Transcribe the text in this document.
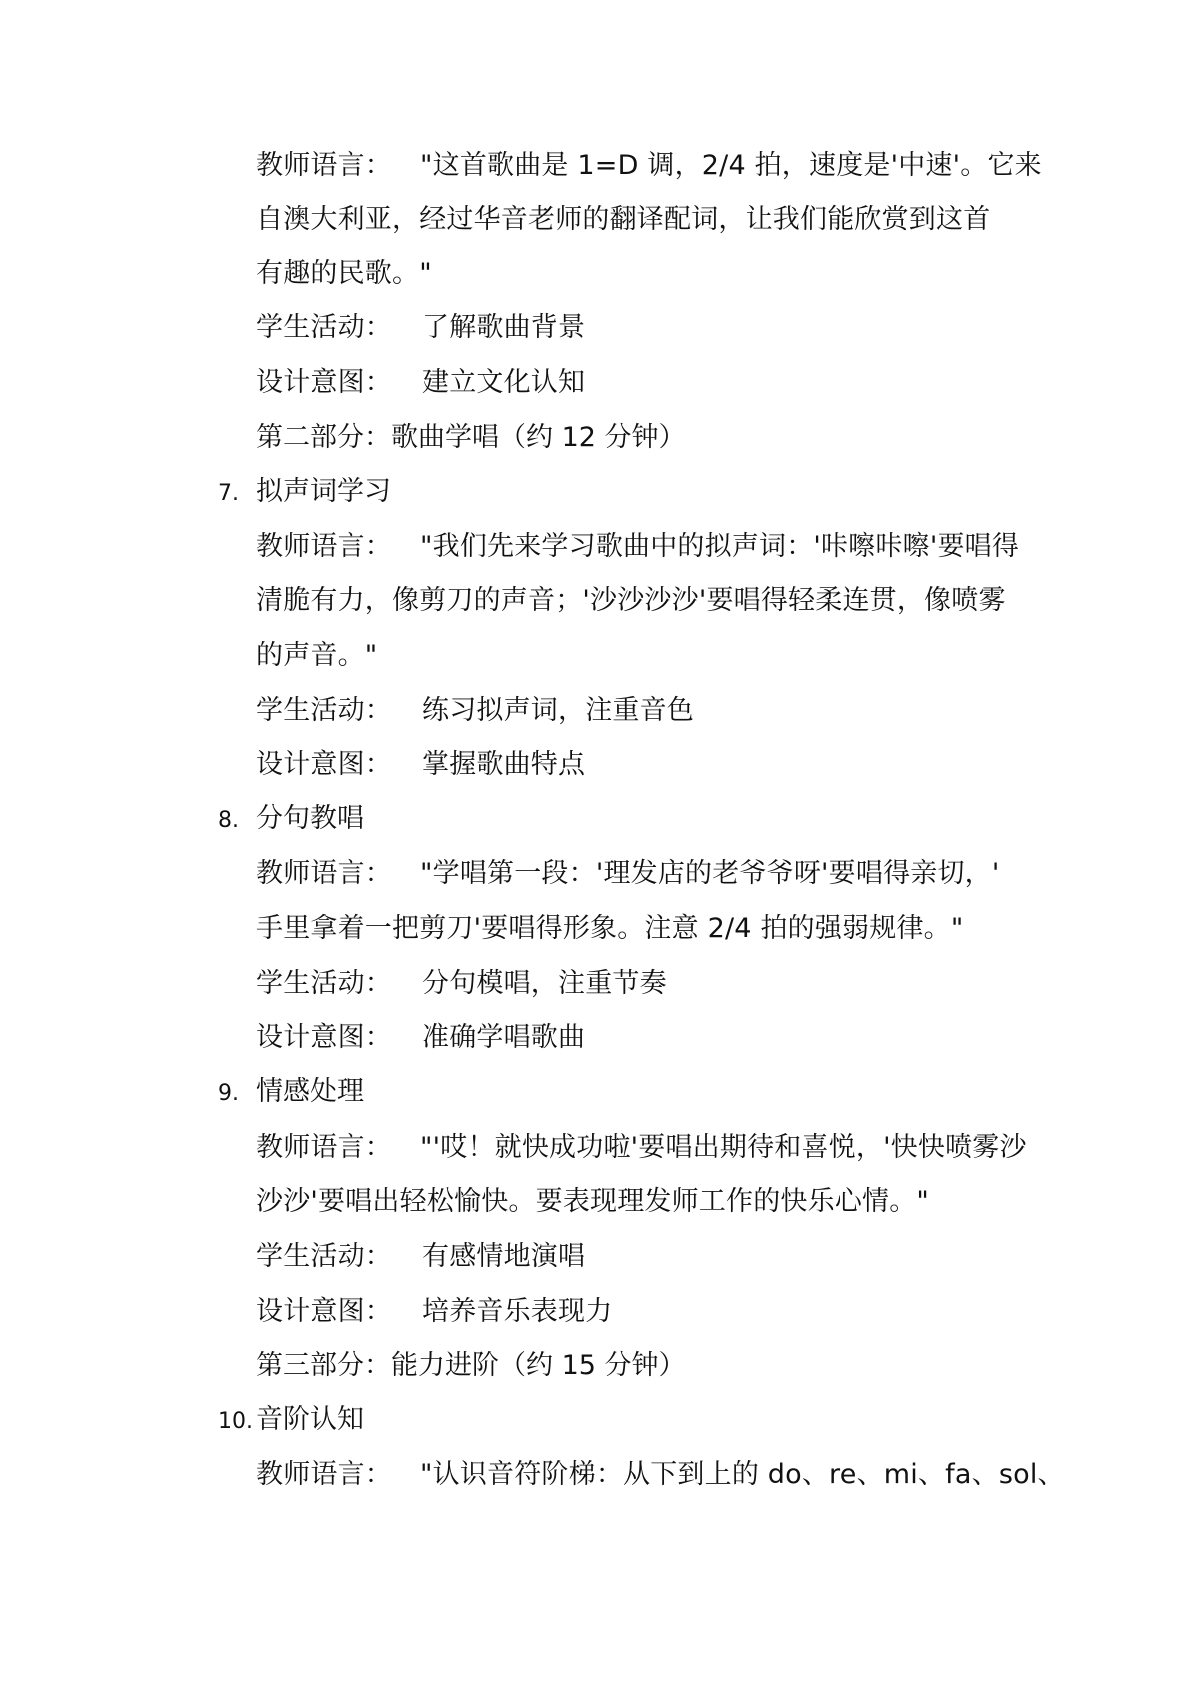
教师语言： "这首歌曲是 1=D 调，2/4 拍，速度是'中速'。它来
自澳大利亚，经过华音老师的翻译配词，让我们能欣赏到这首
有趣的民歌。"
学生活动： 了解歌曲背景
设计意图： 建立文化认知
第二部分：歌曲学唱（约 12 分钟）
7. 拟声词学习
教师语言： "我们先来学习歌曲中的拟声词：'咔嚓咔嚓'要唱得
清脆有力，像剪刀的声音；'沙沙沙沙'要唱得轻柔连贯，像喷雾
的声音。"
学生活动： 练习拟声词，注重音色
设计意图： 掌握歌曲特点
8. 分句教唱
教师语言： "学唱第一段：'理发店的老爷爷呀'要唱得亲切，'
手里拿着一把剪刀'要唱得形象。注意 2/4 拍的强弱规律。"
学生活动： 分句模唱，注重节奏
设计意图： 准确学唱歌曲
9. 情感处理
教师语言： "'哎！就快成功啦'要唱出期待和喜悦，'快快喷雾沙
沙沙'要唱出轻松愉快。要表现理发师工作的快乐心情。"
学生活动： 有感情地演唱
设计意图： 培养音乐表现力
第三部分：能力进阶（约 15 分钟）
10. 音阶认知
教师语言： "认识音符阶梯：从下到上的 do、re、mi、fa、sol、
